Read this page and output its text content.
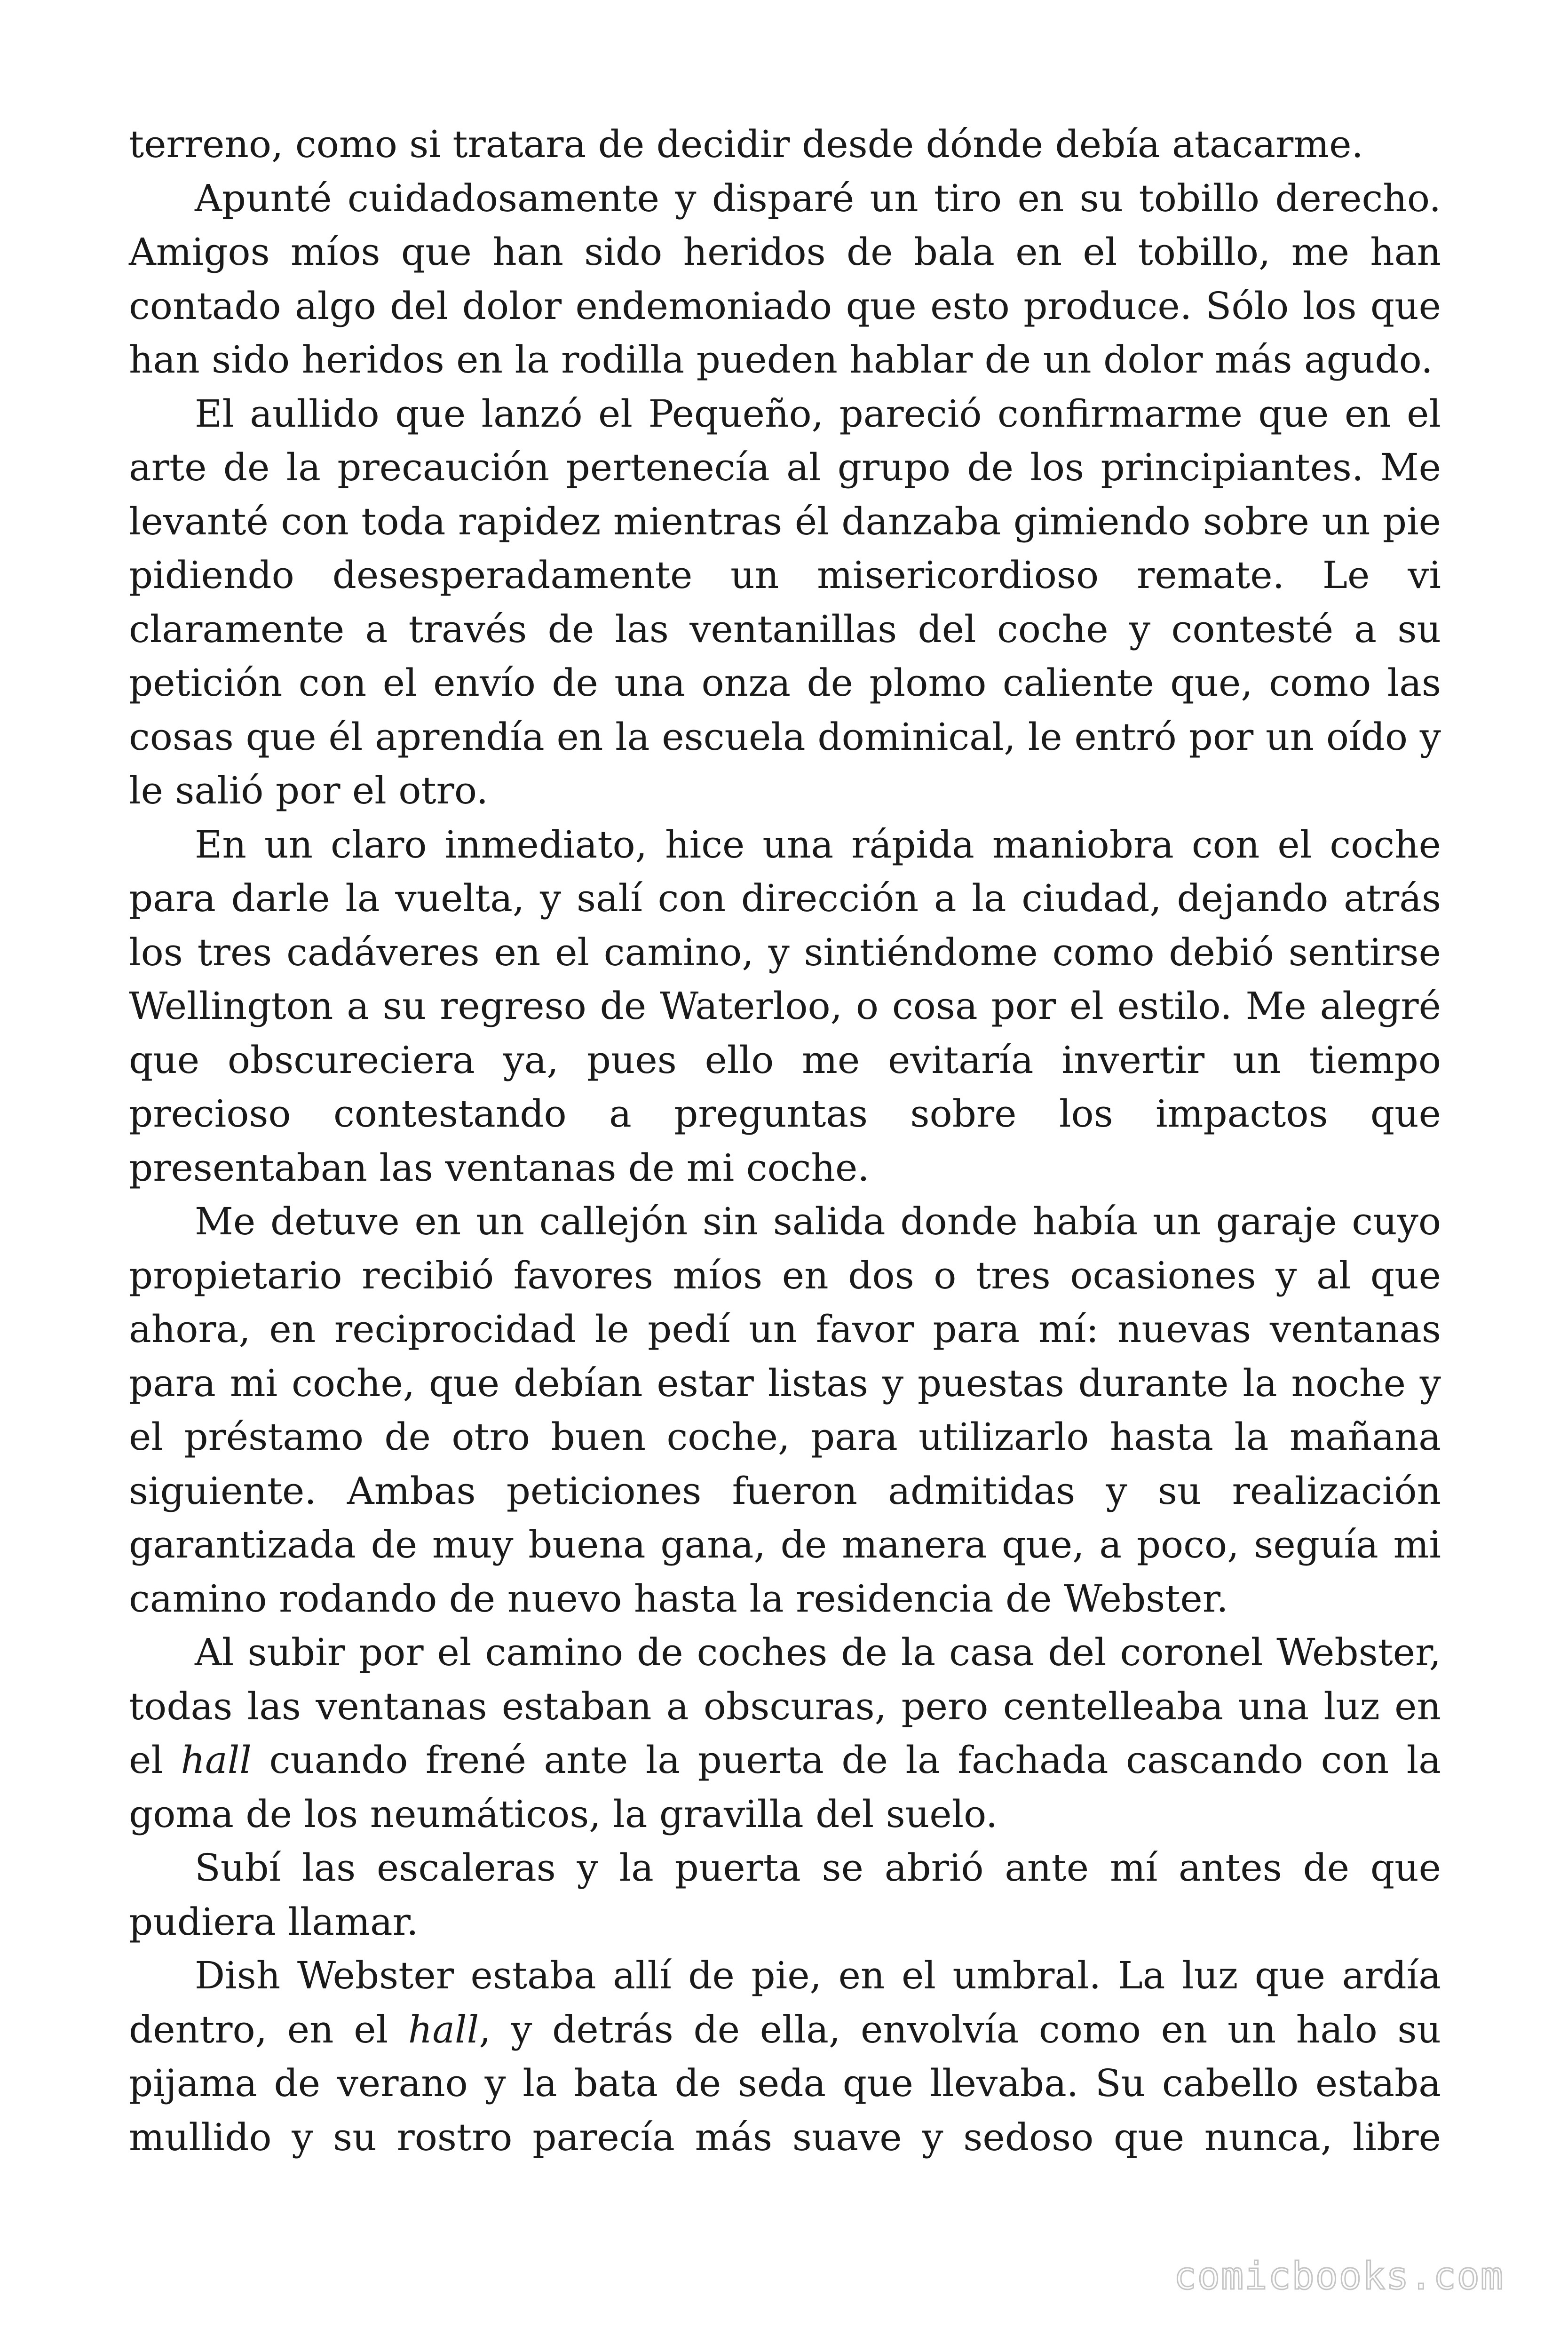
terreno, como si tratara de decidir desde dónde debía atacarme.

Apunté cuidadosamente y disparé un tiro en su tobillo derecho. Amigos míos que han sido heridos de bala en el tobillo, me han contado algo del dolor endemoniado que esto produce. Sólo los que han sido heridos en la rodilla pueden hablar de un dolor más agudo.

El aullido que lanzó el Pequeño, pareció confirmarme que en el arte de la precaución pertenecía al grupo de los principiantes. Me levanté con toda rapidez mientras él danzaba gimiendo sobre un pie pidiendo desesperadamente un misericordioso remate. Le vi claramente a través de las ventanillas del coche y contesté a su petición con el envío de una onza de plomo caliente que, como las cosas que él aprendía en la escuela dominical, le entró por un oído y le salió por el otro.

En un claro inmediato, hice una rápida maniobra con el coche para darle la vuelta, y salí con dirección a la ciudad, dejando atrás los tres cadáveres en el camino, y sintiéndome como debió sentirse Wellington a su regreso de Waterloo, o cosa por el estilo. Me alegré que obscureciera ya, pues ello me evitaría invertir un tiempo precioso contestando a preguntas sobre los impactos que presentaban las ventanas de mi coche.

Me detuve en un callejón sin salida donde había un garaje cuyo propietario recibió favores míos en dos o tres ocasiones y al que ahora, en reciprocidad le pedí un favor para mí: nuevas ventanas para mi coche, que debían estar listas y puestas durante la noche y el préstamo de otro buen coche, para utilizarlo hasta la mañana siguiente. Ambas peticiones fueron admitidas y su realización garantizada de muy buena gana, de manera que, a poco, seguía mi camino rodando de nuevo hasta la residencia de Webster.

Al subir por el camino de coches de la casa del coronel Webster, todas las ventanas estaban a obscuras, pero centelleaba una luz en el hall cuando frené ante la puerta de la fachada cascando con la goma de los neumáticos, la gravilla del suelo.

Subí las escaleras y la puerta se abrió ante mí antes de que pudiera llamar.

Dish Webster estaba allí de pie, en el umbral. La luz que ardía dentro, en el hall, y detrás de ella, envolvía como en un halo su pijama de verano y la bata de seda que llevaba. Su cabello estaba mullido y su rostro parecía más suave y sedoso que nunca, libre

comicbooks.com
